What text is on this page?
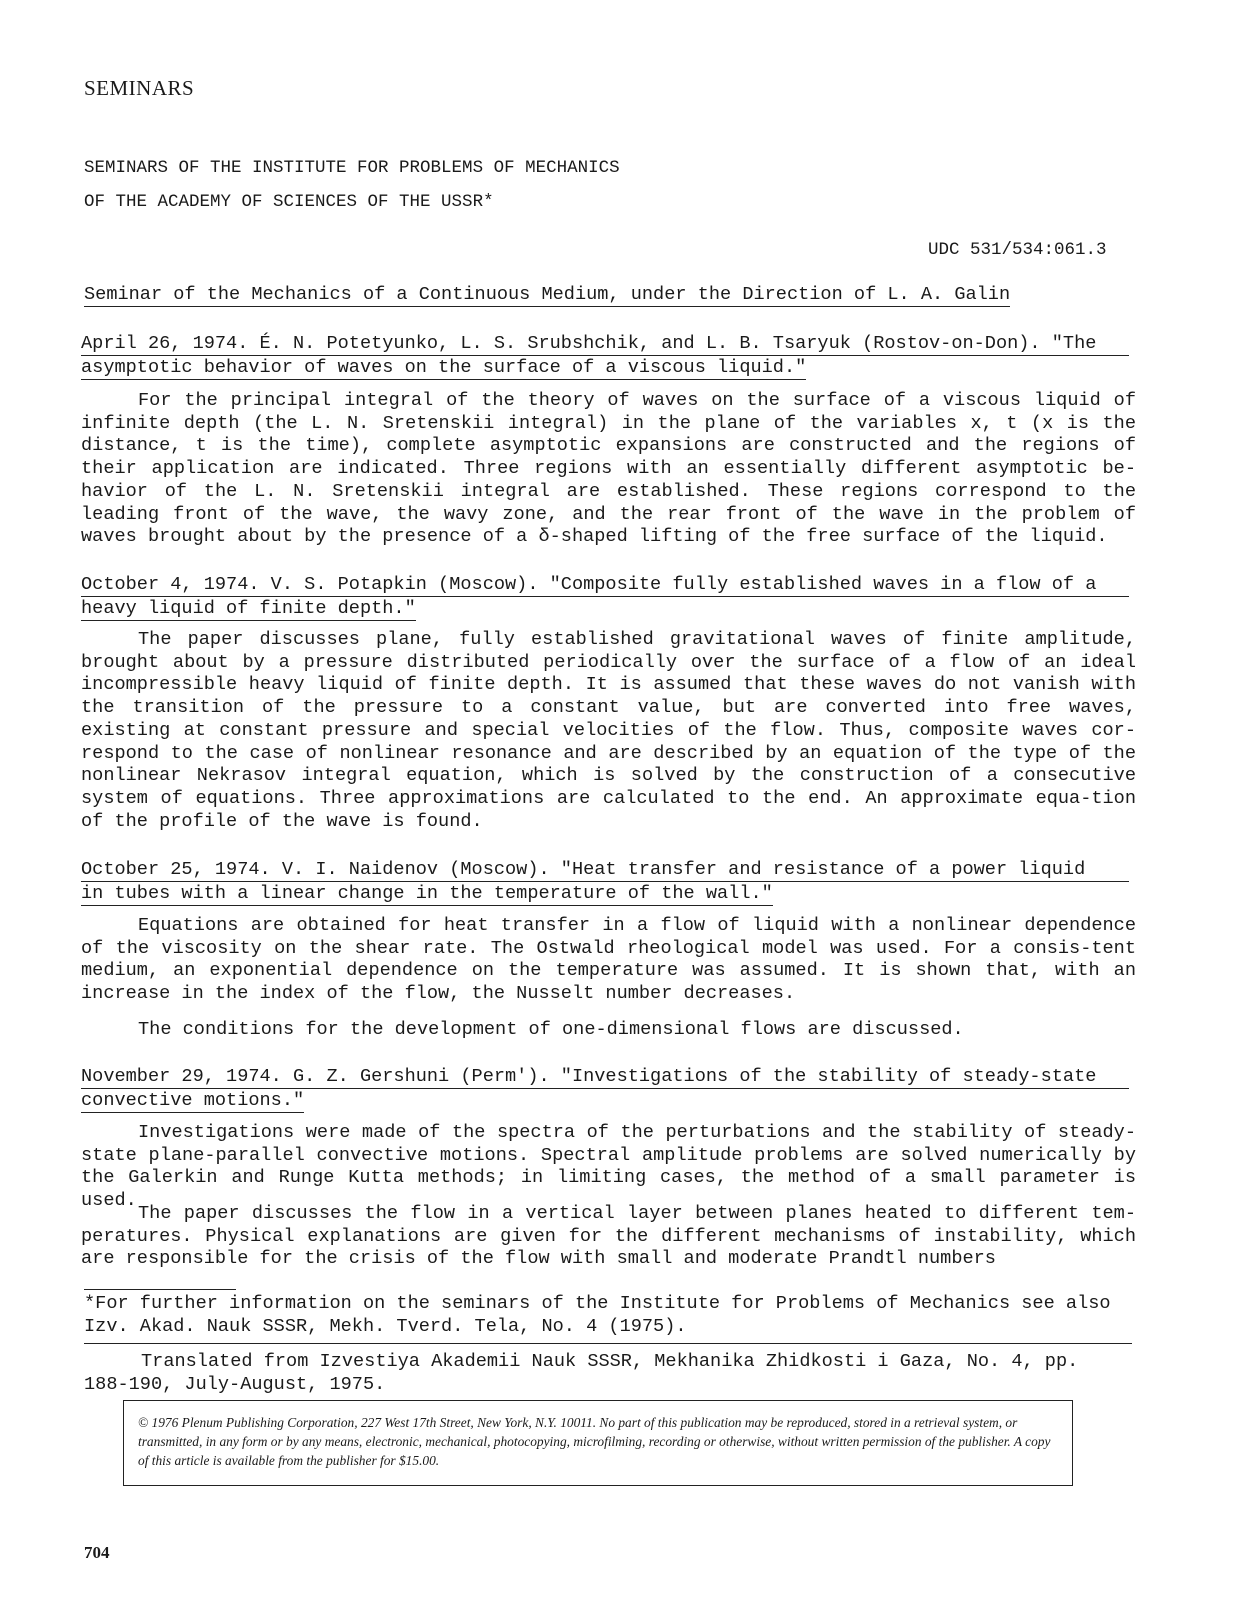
SEMINARS
SEMINARS OF THE INSTITUTE FOR PROBLEMS OF MECHANICS
OF THE ACADEMY OF SCIENCES OF THE USSR*
UDC 531/534:061.3
Seminar of the Mechanics of a Continuous Medium, under the Direction of L. A. Galin
April 26, 1974. É. N. Potetyunko, L. S. Srubshchik, and L. B. Tsaryuk (Rostov-on-Don). "The
asymptotic behavior of waves on the surface of a viscous liquid."
For the principal integral of the theory of waves on the surface of a viscous liquid of infinite depth (the L. N. Sretenskii integral) in the plane of the variables x, t (x is the distance, t is the time), complete asymptotic expansions are constructed and the regions of their application are indicated. Three regions with an essentially different asymptotic be-havior of the L. N. Sretenskii integral are established. These regions correspond to the leading front of the wave, the wavy zone, and the rear front of the wave in the problem of waves brought about by the presence of a δ-shaped lifting of the free surface of the liquid.
October 4, 1974. V. S. Potapkin (Moscow). "Composite fully established waves in a flow of a
heavy liquid of finite depth."
The paper discusses plane, fully established gravitational waves of finite amplitude, brought about by a pressure distributed periodically over the surface of a flow of an ideal incompressible heavy liquid of finite depth. It is assumed that these waves do not vanish with the transition of the pressure to a constant value, but are converted into free waves, existing at constant pressure and special velocities of the flow. Thus, composite waves cor-respond to the case of nonlinear resonance and are described by an equation of the type of the nonlinear Nekrasov integral equation, which is solved by the construction of a consecutive system of equations. Three approximations are calculated to the end. An approximate equa-tion of the profile of the wave is found.
October 25, 1974. V. I. Naidenov (Moscow). "Heat transfer and resistance of a power liquid
in tubes with a linear change in the temperature of the wall."
Equations are obtained for heat transfer in a flow of liquid with a nonlinear dependence of the viscosity on the shear rate. The Ostwald rheological model was used. For a consis-tent medium, an exponential dependence on the temperature was assumed. It is shown that, with an increase in the index of the flow, the Nusselt number decreases.
The conditions for the development of one-dimensional flows are discussed.
November 29, 1974. G. Z. Gershuni (Perm'). "Investigations of the stability of steady-state
convective motions."
Investigations were made of the spectra of the perturbations and the stability of steady-state plane-parallel convective motions. Spectral amplitude problems are solved numerically by the Galerkin and Runge Kutta methods; in limiting cases, the method of a small parameter is used.
The paper discusses the flow in a vertical layer between planes heated to different tem-peratures. Physical explanations are given for the different mechanisms of instability, which are responsible for the crisis of the flow with small and moderate Prandtl numbers
*For further information on the seminars of the Institute for Problems of Mechanics see also Izv. Akad. Nauk SSSR, Mekh. Tverd. Tela, No. 4 (1975).
Translated from Izvestiya Akademii Nauk SSSR, Mekhanika Zhidkosti i Gaza, No. 4, pp. 188-190, July-August, 1975.

© 1976 Plenum Publishing Corporation, 227 West 17th Street, New York, N.Y. 10011. No part of this publication may be reproduced, stored in a retrieval system, or transmitted, in any form or by any means, electronic, mechanical, photocopying, microfilming, recording or otherwise, without written permission of the publisher. A copy of this article is available from the publisher for $15.00.

704
